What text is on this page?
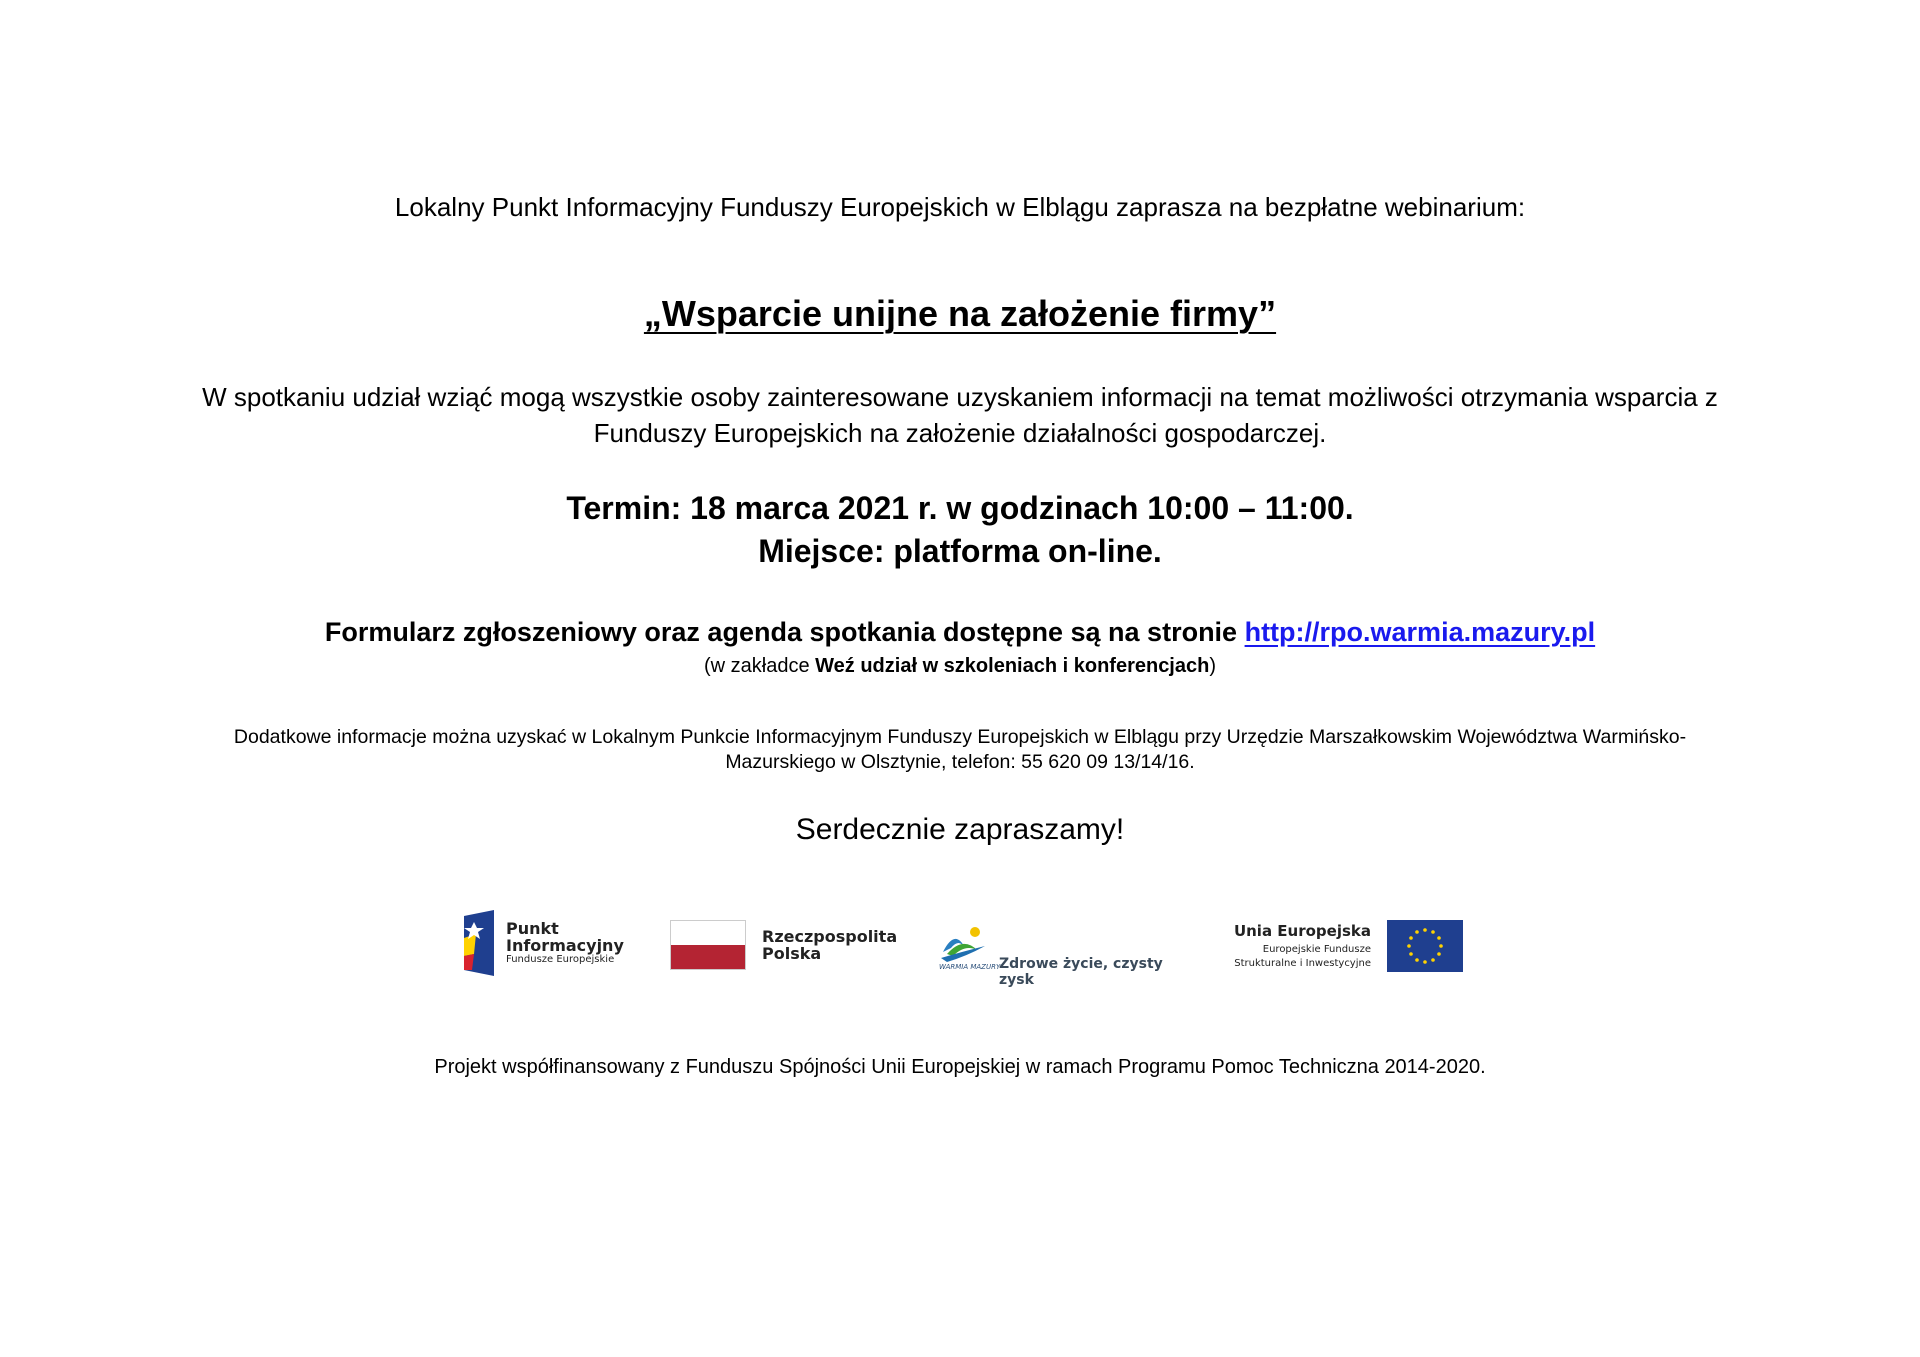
Lokalny Punkt Informacyjny Funduszy Europejskich w Elblągu zaprasza na bezpłatne webinarium:
„Wsparcie unijne na założenie firmy”
W spotkaniu udział wziąć mogą wszystkie osoby zainteresowane uzyskaniem informacji na temat możliwości otrzymania wsparcia z
Funduszy Europejskich na założenie działalności gospodarczej.
Termin: 18 marca 2021 r. w godzinach 10:00 – 11:00.
Miejsce: platforma on-line.
Formularz zgłoszeniowy oraz agenda spotkania dostępne są na stronie http://rpo.warmia.mazury.pl
(w zakładce Weź udział w szkoleniach i konferencjach)
Dodatkowe informacje można uzyskać w Lokalnym Punkcie Informacyjnym Funduszy Europejskich w Elblągu przy Urzędzie Marszałkowskim Województwa Warmińsko-
Mazurskiego w Olsztynie, telefon: 55 620 09 13/14/16.
Serdecznie zapraszamy!
Punkt
Informacyjny
Fundusze Europejskie
Rzeczpospolita
Polska
WARMIA MAZURY
Zdrowe życie, czysty zysk
Unia Europejska
Europejskie Fundusze
Strukturalne i Inwestycyjne
Projekt współfinansowany z Funduszu Spójności Unii Europejskiej w ramach Programu Pomoc Techniczna 2014-2020.
